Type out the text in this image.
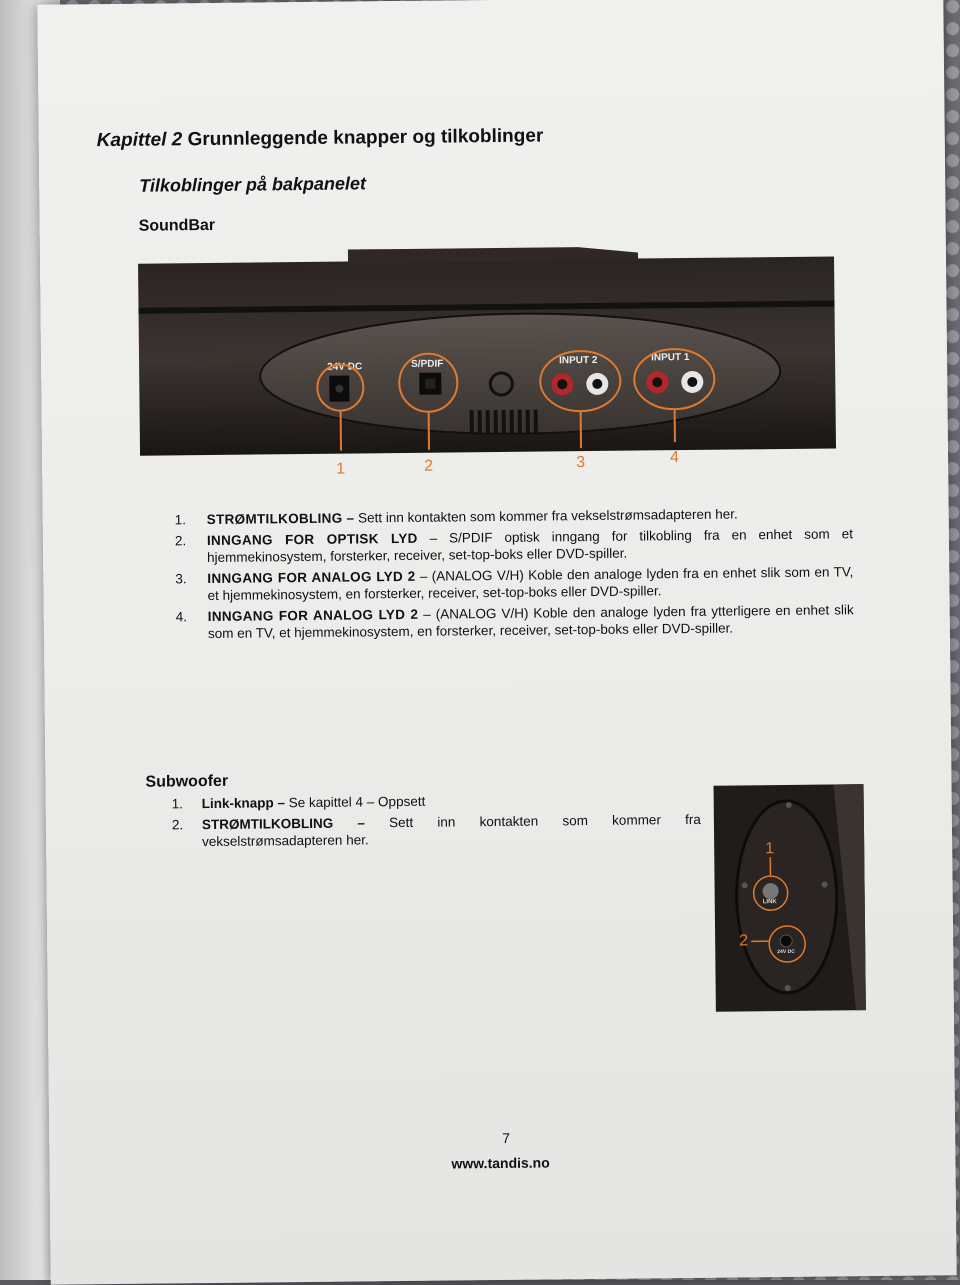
Kapittel 2 Grunnleggende knapper og tilkoblinger
Tilkoblinger på bakpanelet
SoundBar
24V DC	S/PDIF	INPUT 2	INPUT 1
1	2	3	4
1. STRØMTILKOBLING – Sett inn kontakten som kommer fra vekselstrømsadapteren her.
2. INNGANG FOR OPTISK LYD – S/PDIF optisk inngang for tilkobling fra en enhet som et hjemmekinosystem, forsterker, receiver, set-top-boks eller DVD-spiller.
3. INNGANG FOR ANALOG LYD 2 – (ANALOG V/H) Koble den analoge lyden fra en enhet slik som en TV, et hjemmekinosystem, en forsterker, receiver, set-top-boks eller DVD-spiller.
4. INNGANG FOR ANALOG LYD 2 – (ANALOG V/H) Koble den analoge lyden fra ytterligere en enhet slik som en TV, et hjemmekinosystem, en forsterker, receiver, set-top-boks eller DVD-spiller.
Subwoofer
1. Link-knapp – Se kapittel 4 – Oppsett
2. STRØMTILKOBLING – Sett inn kontakten som kommer fra vekselstrømsadapteren her.
LINK
24V DC
1
2
7
www.tandis.no
